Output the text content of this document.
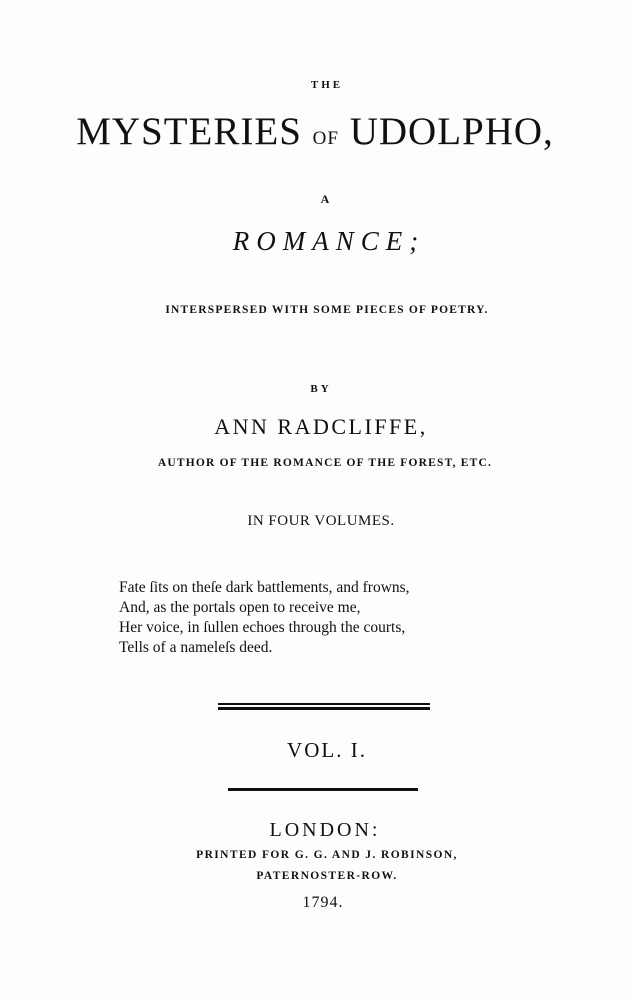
THE
MYSTERIES OF UDOLPHO,
A
ROMANCE;
INTERSPERSED WITH SOME PIECES OF POETRY.
BY
ANN RADCLIFFE,
AUTHOR OF THE ROMANCE OF THE FOREST, ETC.
IN FOUR VOLUMES.
Fate ſits on theſe dark battlements, and frowns,
And, as the portals open to receive me,
Her voice, in ſullen echoes through the courts,
Tells of a nameleſs deed.
VOL. I.
LONDON:
PRINTED FOR G. G. AND J. ROBINSON,
PATERNOSTER-ROW.
1794.
